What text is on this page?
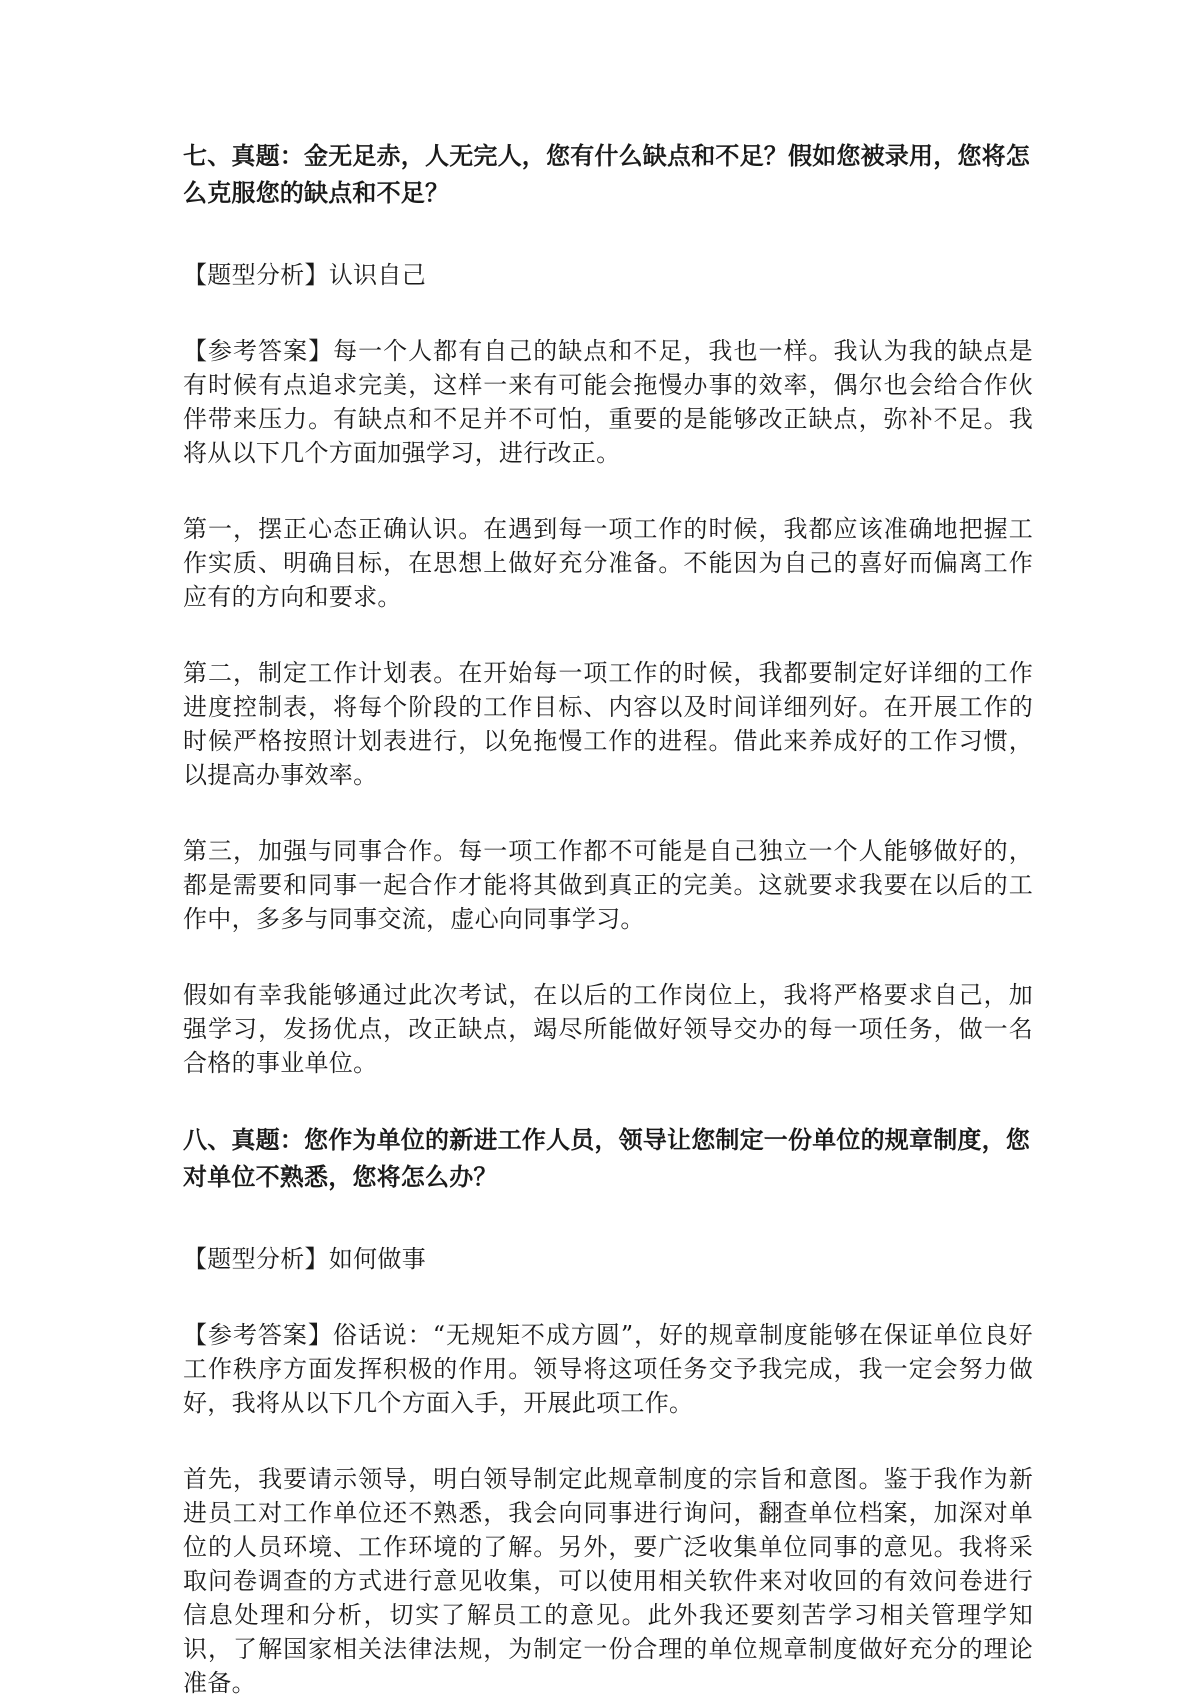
七、真题：金无足赤，人无完人，您有什么缺点和不足？假如您被录用，您将怎么克服您的缺点和不足？

【题型分析】认识自己

【参考答案】每一个人都有自己的缺点和不足，我也一样。我认为我的缺点是有时候有点追求完美，这样一来有可能会拖慢办事的效率，偶尔也会给合作伙伴带来压力。有缺点和不足并不可怕，重要的是能够改正缺点，弥补不足。我将从以下几个方面加强学习，进行改正。

第一，摆正心态正确认识。在遇到每一项工作的时候，我都应该准确地把握工作实质、明确目标，在思想上做好充分准备。不能因为自己的喜好而偏离工作应有的方向和要求。

第二，制定工作计划表。在开始每一项工作的时候，我都要制定好详细的工作进度控制表，将每个阶段的工作目标、内容以及时间详细列好。在开展工作的时候严格按照计划表进行，以免拖慢工作的进程。借此来养成好的工作习惯，以提高办事效率。

第三，加强与同事合作。每一项工作都不可能是自己独立一个人能够做好的，都是需要和同事一起合作才能将其做到真正的完美。这就要求我要在以后的工作中，多多与同事交流，虚心向同事学习。

假如有幸我能够通过此次考试，在以后的工作岗位上，我将严格要求自己，加强学习，发扬优点，改正缺点，竭尽所能做好领导交办的每一项任务，做一名合格的事业单位。

八、真题：您作为单位的新进工作人员，领导让您制定一份单位的规章制度，您对单位不熟悉，您将怎么办？

【题型分析】如何做事

【参考答案】俗话说：“无规矩不成方圆”，好的规章制度能够在保证单位良好工作秩序方面发挥积极的作用。领导将这项任务交予我完成，我一定会努力做好，我将从以下几个方面入手，开展此项工作。

首先，我要请示领导，明白领导制定此规章制度的宗旨和意图。鉴于我作为新进员工对工作单位还不熟悉，我会向同事进行询问，翻查单位档案，加深对单位的人员环境、工作环境的了解。另外，要广泛收集单位同事的意见。我将采取问卷调查的方式进行意见收集，可以使用相关软件来对收回的有效问卷进行信息处理和分析，切实了解员工的意见。此外我还要刻苦学习相关管理学知识，了解国家相关法律法规，为制定一份合理的单位规章制度做好充分的理论准备。
